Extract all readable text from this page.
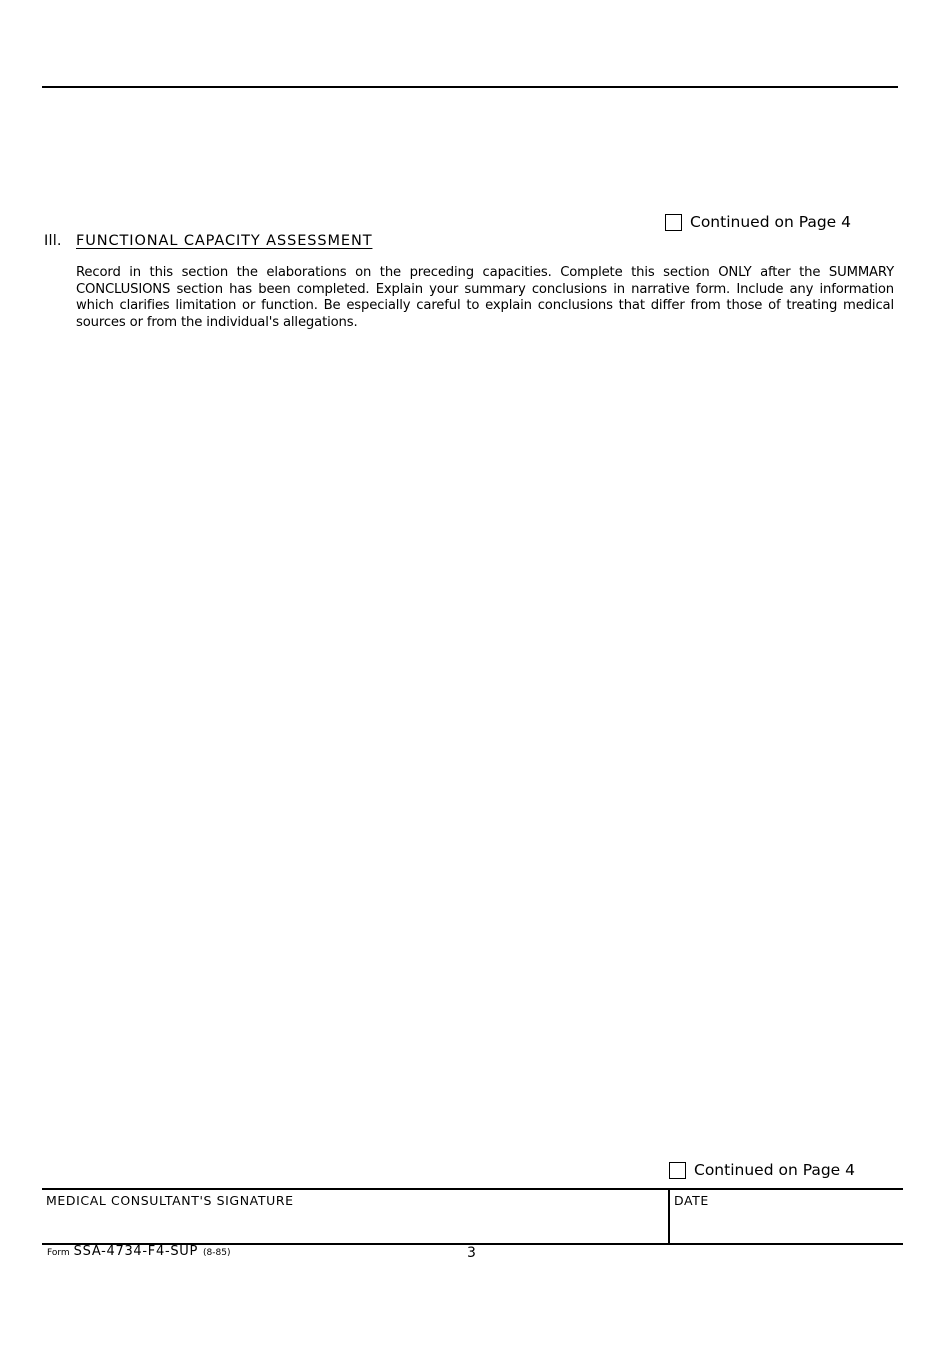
Continued on Page 4
Ill. FUNCTIONAL CAPACITY ASSESSMENT

Record in this section the elaborations on the preceding capacities. Complete this section ONLY after the SUMMARY CONCLUSIONS section has been completed. Explain your summary conclusions in narrative form. Include any information which clarifies limitation or function. Be especially careful to explain conclusions that differ from those of treating medical sources or from the individual's allegations.

Continued on Page 4
MEDICAL CONSULTANT'S SIGNATURE	DATE
Form SSA-4734-F4-SUP (8-85)	3
